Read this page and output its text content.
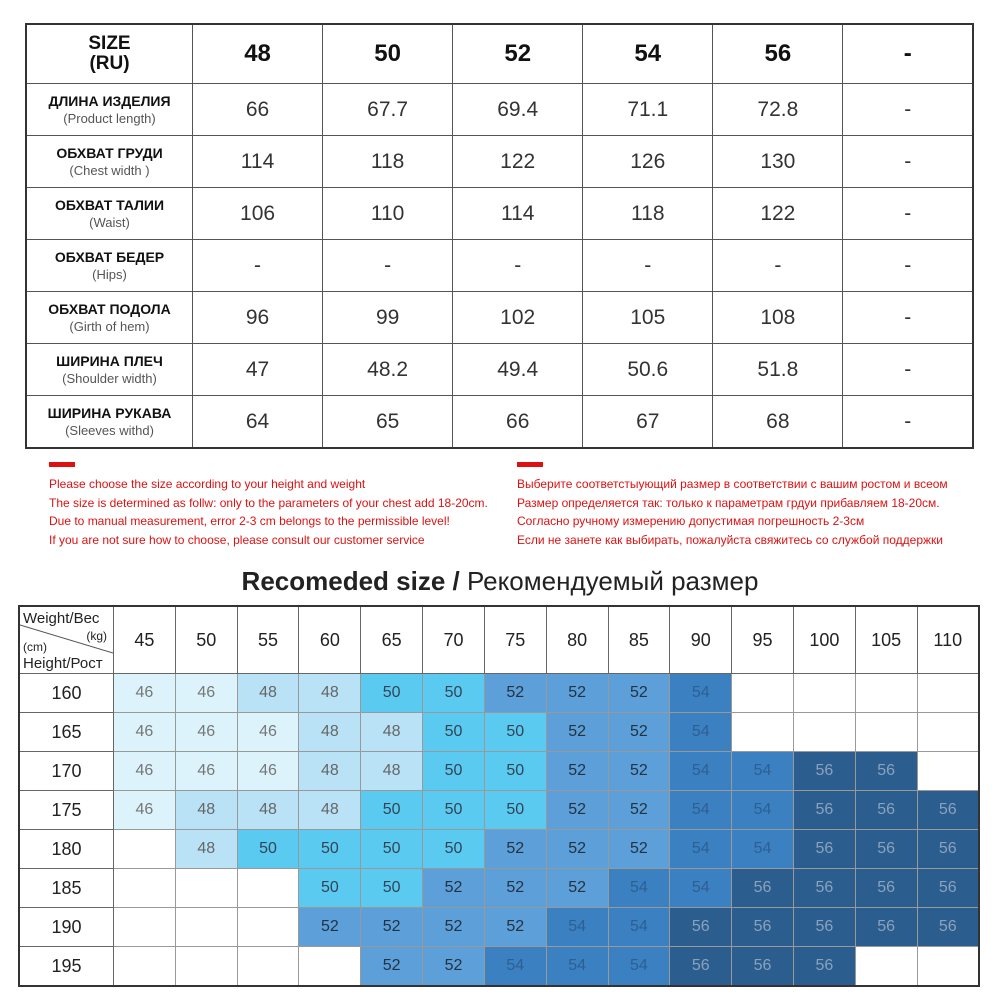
SIZE
(RU)	48	50	52	54	56	-

ДЛИНА ИЗДЕЛИЯ
(Product length)	66	67.7	69.4	71.1	72.8	-

ОБХВАТ ГРУДИ
(Chest width )	114	118	122	126	130	-

ОБХВАТ ТАЛИИ
(Waist)	106	110	114	118	122	-

ОБХВАТ БЕДЕР
(Hips)	-	-	-	-	-	-

ОБХВАТ ПОДОЛА
(Girth of hem)	96	99	102	105	108	-

ШИРИНА ПЛЕЧ
(Shoulder width)	47	48.2	49.4	50.6	51.8	-

ШИРИНА РУКАВА
(Sleeves withd)	64	65	66	67	68	-
Please choose the size according to your height and weight
The size is determined as follw: only to the parameters of your chest add 18-20cm.
Due to manual measurement, error 2-3 cm belongs to the permissible level!
If you are not sure how to choose, please consult our customer service
Выберите соответстыующий размер в соответствии с вашим ростом и всеом
Размер определяется так: только к параметрам грдуи прибавляем 18-20см.
Согласно ручному измерению допустимая погрешность 2-3см
Если не занете как выбирать, пожалуйста свяжитесь со службой поддержки
Recomeded size / Рекомендуемый размер
Weight/Вес
(kg)
(cm)
Height/Рост	45	50	55	60	65	70	75	80	85	90	95	100	105	110
160	46	46	48	48	50	50	52	52	52	54				
165	46	46	46	48	48	50	50	52	52	54				
170	46	46	46	48	48	50	50	52	52	54	54	56	56	
175	46	48	48	48	50	50	50	52	52	54	54	56	56	56
180		48	50	50	50	50	52	52	52	54	54	56	56	56
185				50	50	52	52	52	54	54	56	56	56	56
190				52	52	52	52	54	54	56	56	56	56	56
195					52	52	54	54	54	56	56	56		
